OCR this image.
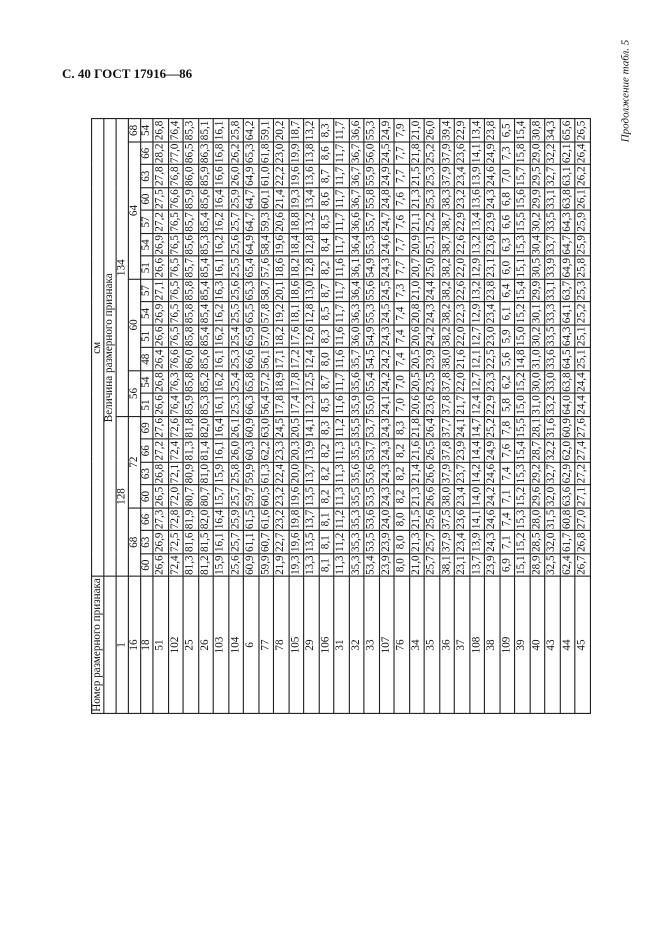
С. 40 ГОСТ 17916—86	Продолжение табл. 5
Номер размерного признака	см																			
	Величина размерного признака																			
1	128							134												
16	68			72				56		60				64						68
18	60	63	66	60	63	66	69	51	54	48	51	54	57	51	54	57	60	63	66	54
51	26,6	26,9	27,3	26,5	26,8	27,2	27,6	26,6	26,8	26,4	26,6	26,9	27,1	26,6	26,9	27,2	27,5	27,8	28,2	26,8
102	72,4	72,5	72,8	72,0	72,1	72,4	72,6	76,4	76,3	76,6	76,5	76,5	76,5	76,5	76,5	76,5	76,6	76,8	77,0	76,4
25	81,3	81,6	81,9	80,7	80,9	81,3	81,8	85,9	85,8	86,0	85,8	85,8	85,8	85,7	85,6	85,7	85,9	86,0	86,5	85,3
26	81,2	81,5	82,0	80,7	81,0	81,4	82,0	85,3	85,2	85,6	85,4	85,4	85,4	85,4	85,3	85,4	85,6	85,9	86,3	85,1
103	15,9	16,1	16,4	15,7	15,9	16,1	16,4	16,1	16,2	16,1	16,2	16,2	16,3	16,1	16,2	16,2	16,4	16,6	16,8	16,1
104	25,6	25,7	25,9	25,7	25,8	26,0	26,1	25,3	25,4	25,3	25,4	25,5	25,6	25,5	25,6	25,7	25,9	26,0	26,2	25,8
6	60,9	61,1	61,5	59,7	59,9	60,3	60,9	66,3	65,8	66,6	65,9	65,5	65,3	65,4	64,9	64,7	64,7	64,9	65,3	64,2
77	59,9	60,7	61,6	60,5	61,3	62,2	63,0	56,4	57,2	56,1	57,0	57,8	58,7	57,6	58,4	59,3	60,1	61,0	61,8	59,1
78	21,9	22,7	23,2	23,2	22,4	23,3	24,5	17,8	18,9	17,1	18,2	19,2	20,1	18,6	19,6	20,6	21,4	22,2	23,0	20,2
105	19,3	19,6	19,8	19,6	20,0	20,3	20,5	17,4	17,8	17,2	17,6	18,1	18,6	18,2	18,4	18,8	19,3	19,6	19,9	18,7
29	13,3	13,5	13,7	13,5	13,7	13,9	14,1	12,3	12,5	12,4	12,6	12,8	13,0	12,8	12,8	13,2	13,4	13,6	13,8	13,2
106	8,1	8,1	8,1	8,2	8,2	8,2	8,3	8,5	8,7	8,0	8,3	8,5	8,7	8,2	8,4	8,5	8,6	8,7	8,6	8,3
31	11,3	11,2	11,2	11,3	11,3	11,3	11,2	11,6	11,7	11,6	11,6	11,7	11,7	11,6	11,7	11,7	11,7	11,7	11,7	11,7
32	35,3	35,3	35,3	35,5	35,6	35,5	35,5	35,9	35,6	35,7	36,0	36,3	36,4	36,1	36,4	36,6	36,7	36,7	36,7	36,6
33	53,4	53,5	53,6	53,5	53,6	53,7	53,7	55,0	55,4	54,5	54,9	55,3	55,6	54,9	55,3	55,7	55,8	55,9	56,0	55,3
107	23,9	23,9	24,0	24,3	24,3	24,3	24,3	24,1	24,2	24,2	24,3	24,5	24,5	24,3	24,6	24,7	24,8	24,9	24,5	24,9
76	8,0	8,0	8,0	8,2	8,2	8,2	8,3	7,0	7,0	7,4	7,4	7,4	7,3	7,7	7,7	7,6	7,6	7,7	7,7	7,9
34	21,0	21,3	21,5	21,3	21,4	21,6	21,8	20,6	20,5	20,5	20,6	20,8	21,0	20,7	20,9	21,1	21,3	21,5	21,8	21,0
35	25,7	25,7	25,6	26,6	26,6	26,5	26,4	23,6	23,5	23,9	24,2	24,3	24,4	25,0	25,1	25,2	25,3	25,3	25,2	26,0
36	38,1	37,9	37,5	38,0	37,9	37,8	37,7	37,8	37,8	38,0	38,2	38,2	38,2	38,2	38,7	38,7	38,3	37,9	37,9	39,4
37	23,1	23,4	23,6	23,4	23,7	23,9	24,1	21,7	22,0	21,6	22,0	22,3	22,6	22,0	22,6	22,9	23,2	23,4	23,6	22,9
108	13,7	13,9	14,1	14,0	14,2	14,4	14,7	12,4	12,7	12,1	12,7	12,9	13,2	12,9	13,2	13,4	13,6	13,9	14,1	13,4
38	23,9	24,3	24,6	24,2	24,6	24,9	25,2	22,9	23,3	22,5	23,0	23,4	23,8	23,1	23,6	23,9	24,3	24,6	24,9	23,8
109	6,9	7,1	7,4	7,1	7,4	7,6	7,8	5,8	6,2	5,6	5,9	6,1	6,4	6,0	6,3	6,6	6,8	7,0	7,3	6,5
39	15,1	15,2	15,3	15,2	15,3	15,4	15,5	15,0	15,2	14,8	15,0	15,2	15,4	15,1	15,3	15,5	15,6	15,7	15,8	15,4
40	28,9	28,5	28,0	29,6	29,2	28,7	28,1	31,0	30,0	31,0	30,2	30,1	29,9	30,5	30,4	30,2	29,9	29,5	29,0	30,8
43	32,5	32,0	31,5	32,0	32,7	32,2	31,6	33,2	33,0	33,6	33,5	33,3	33,1	33,9	33,7	33,5	33,1	32,7	32,2	34,3
44	62,4	61,7	60,8	63,6	62,9	62,0	60,9	64,0	63,8	64,5	64,3	64,1	63,7	64,9	64,7	64,3	63,8	63,1	62,1	65,6
45	26,7	26,8	27,0	27,1	27,2	27,4	27,6	24,4	24,4	25,1	25,1	25,2	25,3	25,8	25,9	25,9	26,1	26,2	26,4	26,5
